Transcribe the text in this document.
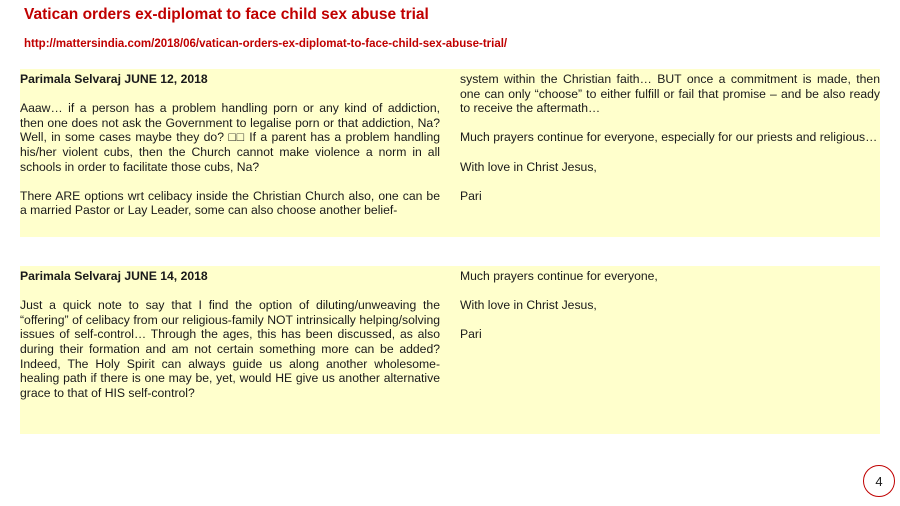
Vatican orders ex-diplomat to face child sex abuse trial
http://mattersindia.com/2018/06/vatican-orders-ex-diplomat-to-face-child-sex-abuse-trial/

Parimala Selvaraj JUNE 12, 2018

Aaaw… if a person has a problem handling porn or any kind of addiction, then one does not ask the Government to legalise porn or that addiction, Na? Well, in some cases maybe they do? □□ If a parent has a problem handling his/her violent cubs, then the Church cannot make violence a norm in all schools in order to facilitate those cubs, Na?

There ARE options wrt celibacy inside the Christian Church also, one can be a married Pastor or Lay Leader, some can also choose another belief-

system within the Christian faith… BUT once a commitment is made, then one can only “choose” to either fulfill or fail that promise – and be also ready to receive the aftermath…

Much prayers continue for everyone, especially for our priests and religious…

With love in Christ Jesus,

Pari

Parimala Selvaraj JUNE 14, 2018

Just a quick note to say that I find the option of diluting/unweaving the “offering” of celibacy from our religious-family NOT intrinsically helping/solving issues of self-control… Through the ages, this has been discussed, as also during their formation and am not certain something more can be added? Indeed, The Holy Spirit can always guide us along another wholesome-healing path if there is one may be, yet, would HE give us another alternative grace to that of HIS self-control?

Much prayers continue for everyone,

With love in Christ Jesus,

Pari

4
